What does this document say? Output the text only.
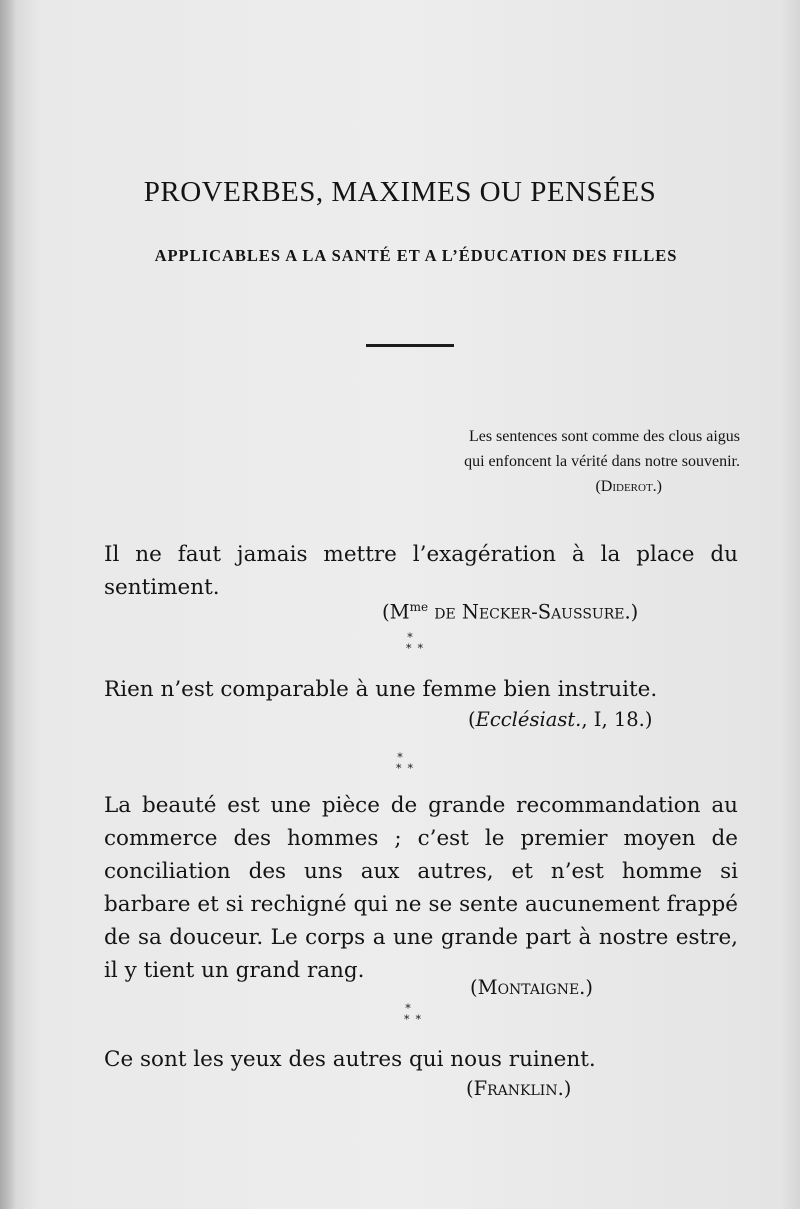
PROVERBES, MAXIMES OU PENSÉES
APPLICABLES A LA SANTÉ ET A L’ÉDUCATION DES FILLES
Les sentences sont comme des clous aigus
qui enfoncent la vérité dans notre souvenir.
(Diderot.)
Il ne faut jamais mettre l’exagération à la place du sentiment.
($M^{me}$ de Necker-Saussure.)
*
**
Rien n’est comparable à une femme bien instruite.
(Ecclésiast., I, 18.)
*
**
La beauté est une pièce de grande recommandation au commerce des hommes ; c’est le premier moyen de conciliation des uns aux autres, et n’est homme si barbare et si rechigné qui ne se sente aucunement frappé de sa douceur. Le corps a une grande part à nostre estre, il y tient un grand rang.
(Montaigne.)
*
**
Ce sont les yeux des autres qui nous ruinent.
(Franklin.)
